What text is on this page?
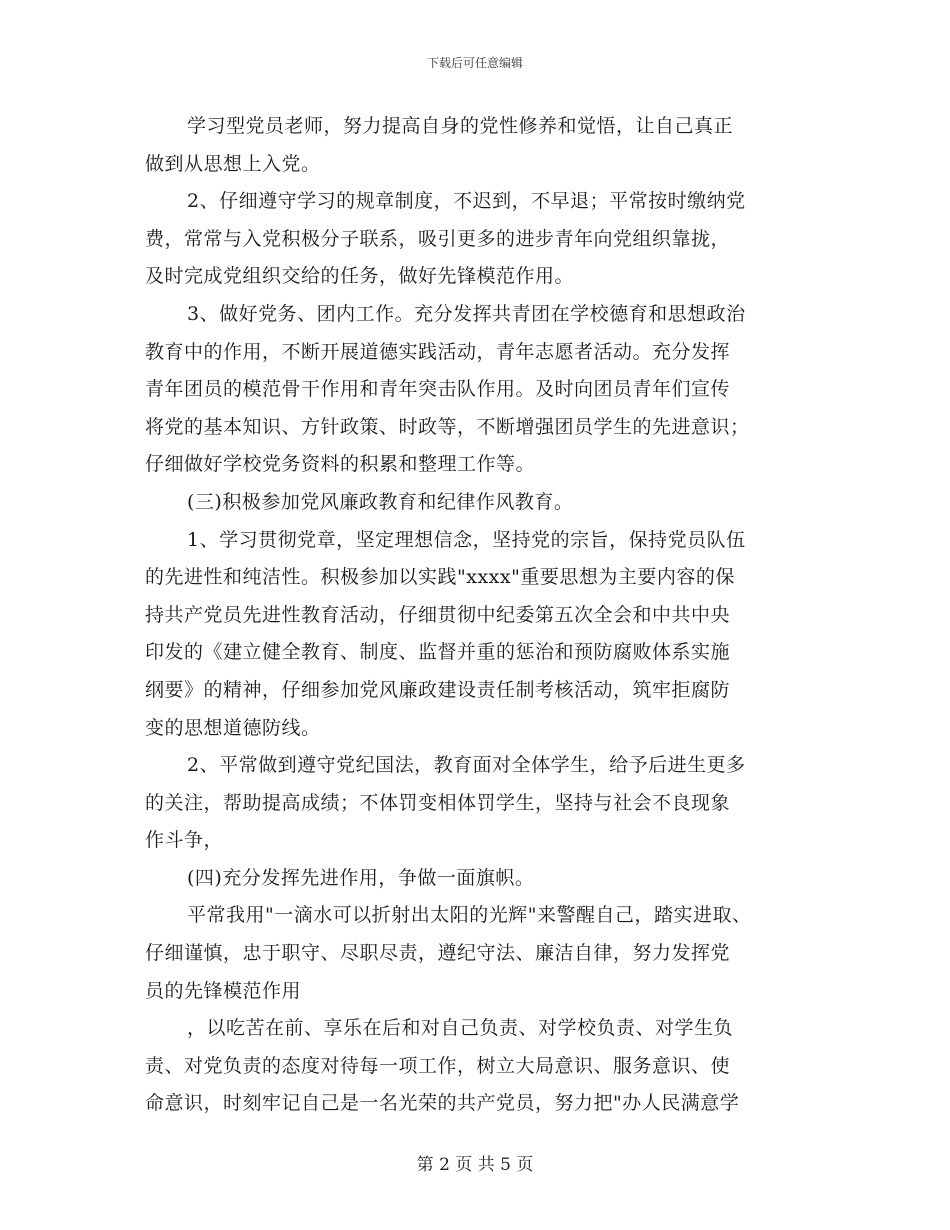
下载后可任意编辑
学习型党员老师，努力提高自身的党性修养和觉悟，让自己真正
做到从思想上入党。
2、仔细遵守学习的规章制度，不迟到，不早退；平常按时缴纳党
费，常常与入党积极分子联系，吸引更多的进步青年向党组织靠拢，
及时完成党组织交给的任务，做好先锋模范作用。
3、做好党务、团内工作。充分发挥共青团在学校德育和思想政治
教育中的作用，不断开展道德实践活动，青年志愿者活动。充分发挥
青年团员的模范骨干作用和青年突击队作用。及时向团员青年们宣传
将党的基本知识、方针政策、时政等，不断增强团员学生的先进意识；
仔细做好学校党务资料的积累和整理工作等。
(三)积极参加党风廉政教育和纪律作风教育。
1、学习贯彻党章，坚定理想信念，坚持党的宗旨，保持党员队伍
的先进性和纯洁性。积极参加以实践"xxxx"重要思想为主要内容的保
持共产党员先进性教育活动，仔细贯彻中纪委第五次全会和中共中央
印发的《建立健全教育、制度、监督并重的惩治和预防腐败体系实施
纲要》的精神，仔细参加党风廉政建设责任制考核活动，筑牢拒腐防
变的思想道德防线。
2、平常做到遵守党纪国法，教育面对全体学生，给予后进生更多
的关注，帮助提高成绩；不体罚变相体罚学生，坚持与社会不良现象
作斗争，
(四)充分发挥先进作用，争做一面旗帜。
平常我用"一滴水可以折射出太阳的光辉"来警醒自己，踏实进取、
仔细谨慎，忠于职守、尽职尽责，遵纪守法、廉洁自律，努力发挥党
员的先锋模范作用
，以吃苦在前、享乐在后和对自己负责、对学校负责、对学生负
责、对党负责的态度对待每一项工作，树立大局意识、服务意识、使
命意识，时刻牢记自己是一名光荣的共产党员，努力把"办人民满意学
第 2 页 共 5 页
